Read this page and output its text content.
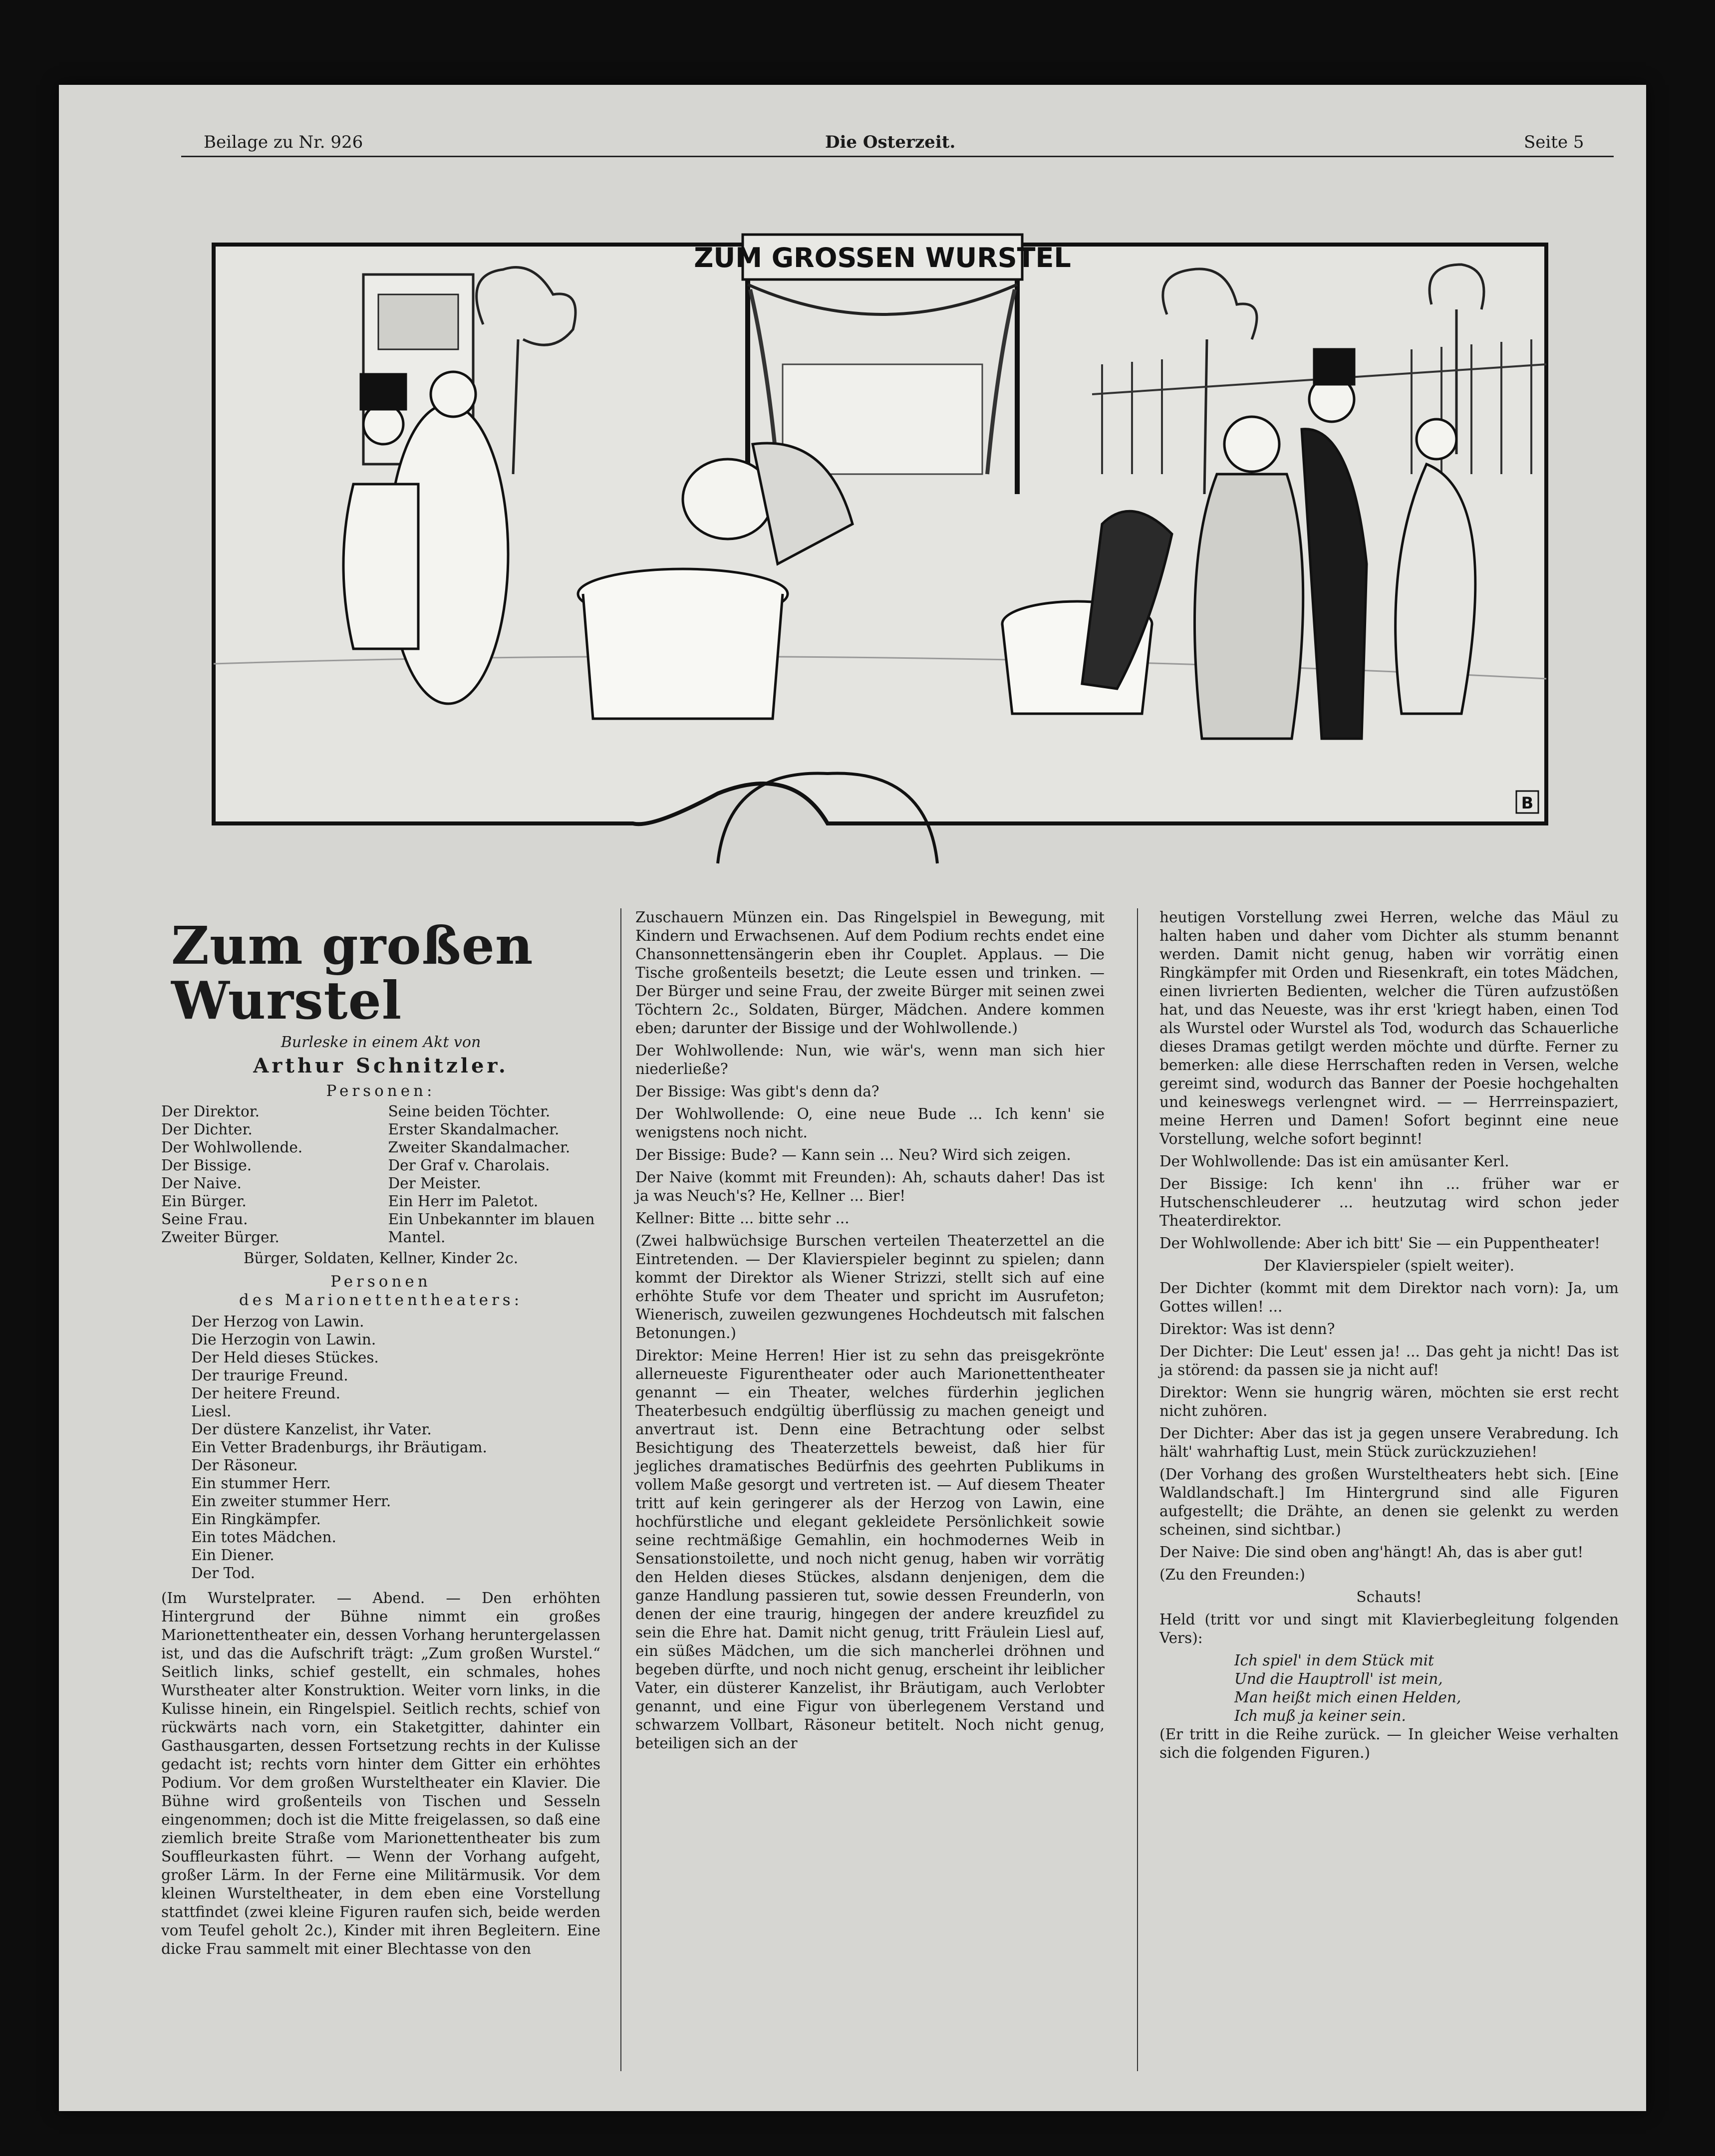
Beilage zu Nr. 926	Die Osterzeit.	Seite 5
ZUM GROSSEN WURSTEL
B
Zum großen Wurstel

Burleske in einem Akt von

Arthur Schnitzler.

Personen:

Der Direktor.
Der Dichter.
Der Wohlwollende.
Der Bissige.
Der Naive.
Ein Bürger.
Seine Frau.
Zweiter Bürger.
Seine beiden Töchter.
Erster Skandalmacher.
Zweiter Skandalmacher.
Der Graf v. Charolais.
Der Meister.
Ein Herr im Paletot.
Ein Unbekannter im blauen Mantel.

Bürger, Soldaten, Kellner, Kinder 2c.

Personen

des Marionettentheaters:

Der Herzog von Lawin.
Die Herzogin von Lawin.
Der Held dieses Stückes.
Der traurige Freund.
Der heitere Freund.
Liesl.
Der düstere Kanzelist, ihr Vater.
Ein Vetter Bradenburgs, ihr Bräutigam.
Der Räsoneur.
Ein stummer Herr.
Ein zweiter stummer Herr.
Ein Ringkämpfer.
Ein totes Mädchen.
Ein Diener.
Der Tod.

(Im Wurstelprater. — Abend. — Den erhöhten Hintergrund der Bühne nimmt ein großes Marionettentheater ein, dessen Vorhang heruntergelassen ist, und das die Aufschrift trägt: „Zum großen Wurstel.“ Seitlich links, schief gestellt, ein schmales, hohes Wurstheater alter Konstruktion. Weiter vorn links, in die Kulisse hinein, ein Ringelspiel. Seitlich rechts, schief von rückwärts nach vorn, ein Staketgitter, dahinter ein Gasthausgarten, dessen Fortsetzung rechts in der Kulisse gedacht ist; rechts vorn hinter dem Gitter ein erhöhtes Podium. Vor dem großen Wursteltheater ein Klavier. Die Bühne wird großenteils von Tischen und Sesseln eingenommen; doch ist die Mitte freigelassen, so daß eine ziemlich breite Straße vom Marionettentheater bis zum Souffleurkasten führt. — Wenn der Vorhang aufgeht, großer Lärm. In der Ferne eine Militärmusik. Vor dem kleinen Wursteltheater, in dem eben eine Vorstellung stattfindet (zwei kleine Figuren raufen sich, beide werden vom Teufel geholt 2c.), Kinder mit ihren Begleitern. Eine dicke Frau sammelt mit einer Blechtasse von den

Zuschauern Münzen ein. Das Ringelspiel in Bewegung, mit Kindern und Erwachsenen. Auf dem Podium rechts endet eine Chansonnettensängerin eben ihr Couplet. Applaus. — Die Tische großenteils besetzt; die Leute essen und trinken. — Der Bürger und seine Frau, der zweite Bürger mit seinen zwei Töchtern 2c., Soldaten, Bürger, Mädchen. Andere kommen eben; darunter der Bissige und der Wohlwollende.)

Der Wohlwollende: Nun, wie wär's, wenn man sich hier niederließe?

Der Bissige: Was gibt's denn da?

Der Wohlwollende: O, eine neue Bude ... Ich kenn' sie wenigstens noch nicht.

Der Bissige: Bude? — Kann sein ... Neu? Wird sich zeigen.

Der Naive (kommt mit Freunden): Ah, schauts daher! Das ist ja was Neuch's? He, Kellner ... Bier!

Kellner: Bitte ... bitte sehr ...

(Zwei halbwüchsige Burschen verteilen Theaterzettel an die Eintretenden. — Der Klavierspieler beginnt zu spielen; dann kommt der Direktor als Wiener Strizzi, stellt sich auf eine erhöhte Stufe vor dem Theater und spricht im Ausrufeton; Wienerisch, zuweilen gezwungenes Hochdeutsch mit falschen Betonungen.)

Direktor: Meine Herren! Hier ist zu sehn das preisgekrönte allerneueste Figurentheater oder auch Marionettentheater genannt — ein Theater, welches fürderhin jeglichen Theaterbesuch endgültig überflüssig zu machen geneigt und anvertraut ist. Denn eine Betrachtung oder selbst Besichtigung des Theaterzettels beweist, daß hier für jegliches dramatisches Bedürfnis des geehrten Publikums in vollem Maße gesorgt und vertreten ist. — Auf diesem Theater tritt auf kein geringerer als der Herzog von Lawin, eine hochfürstliche und elegant gekleidete Persönlichkeit sowie seine rechtmäßige Gemahlin, ein hochmodernes Weib in Sensationstoilette, und noch nicht genug, haben wir vorrätig den Helden dieses Stückes, alsdann denjenigen, dem die ganze Handlung passieren tut, sowie dessen Freunderln, von denen der eine traurig, hingegen der andere kreuzfidel zu sein die Ehre hat. Damit nicht genug, tritt Fräulein Liesl auf, ein süßes Mädchen, um die sich mancherlei dröhnen und begeben dürfte, und noch nicht genug, erscheint ihr leiblicher Vater, ein düsterer Kanzelist, ihr Bräutigam, auch Verlobter genannt, und eine Figur von überlegenem Verstand und schwarzem Vollbart, Räsoneur betitelt. Noch nicht genug, beteiligen sich an der

heutigen Vorstellung zwei Herren, welche das Mäul zu halten haben und daher vom Dichter als stumm benannt werden. Damit nicht genug, haben wir vorrätig einen Ringkämpfer mit Orden und Riesenkraft, ein totes Mädchen, einen livrierten Bedienten, welcher die Türen aufzustößen hat, und das Neueste, was ihr erst 'kriegt haben, einen Tod als Wurstel oder Wurstel als Tod, wodurch das Schauerliche dieses Dramas getilgt werden möchte und dürfte. Ferner zu bemerken: alle diese Herrschaften reden in Versen, welche gereimt sind, wodurch das Banner der Poesie hochgehalten und keineswegs verlengnet wird. — — Herrreinspaziert, meine Herren und Damen! Sofort beginnt eine neue Vorstellung, welche sofort beginnt!

Der Wohlwollende: Das ist ein amüsanter Kerl.

Der Bissige: Ich kenn' ihn ... früher war er Hutschenschleuderer ... heutzutag wird schon jeder Theaterdirektor.

Der Wohlwollende: Aber ich bitt' Sie — ein Puppentheater!

Der Klavierspieler (spielt weiter).

Der Dichter (kommt mit dem Direktor nach vorn): Ja, um Gottes willen! ...

Direktor: Was ist denn?

Der Dichter: Die Leut' essen ja! ... Das geht ja nicht! Das ist ja störend: da passen sie ja nicht auf!

Direktor: Wenn sie hungrig wären, möchten sie erst recht nicht zuhören.

Der Dichter: Aber das ist ja gegen unsere Verabredung. Ich hält' wahrhaftig Lust, mein Stück zurückzuziehen!

(Der Vorhang des großen Wursteltheaters hebt sich. [Eine Waldlandschaft.] Im Hintergrund sind alle Figuren aufgestellt; die Drähte, an denen sie gelenkt zu werden scheinen, sind sichtbar.)

Der Naive: Die sind oben ang'hängt! Ah, das is aber gut!

(Zu den Freunden:)

Schauts!

Held (tritt vor und singt mit Klavierbegleitung folgenden Vers):

Ich spiel' in dem Stück mit

Und die Hauptroll' ist mein,

Man heißt mich einen Helden,

Ich muß ja keiner sein.

(Er tritt in die Reihe zurück. — In gleicher Weise verhalten sich die folgenden Figuren.)
